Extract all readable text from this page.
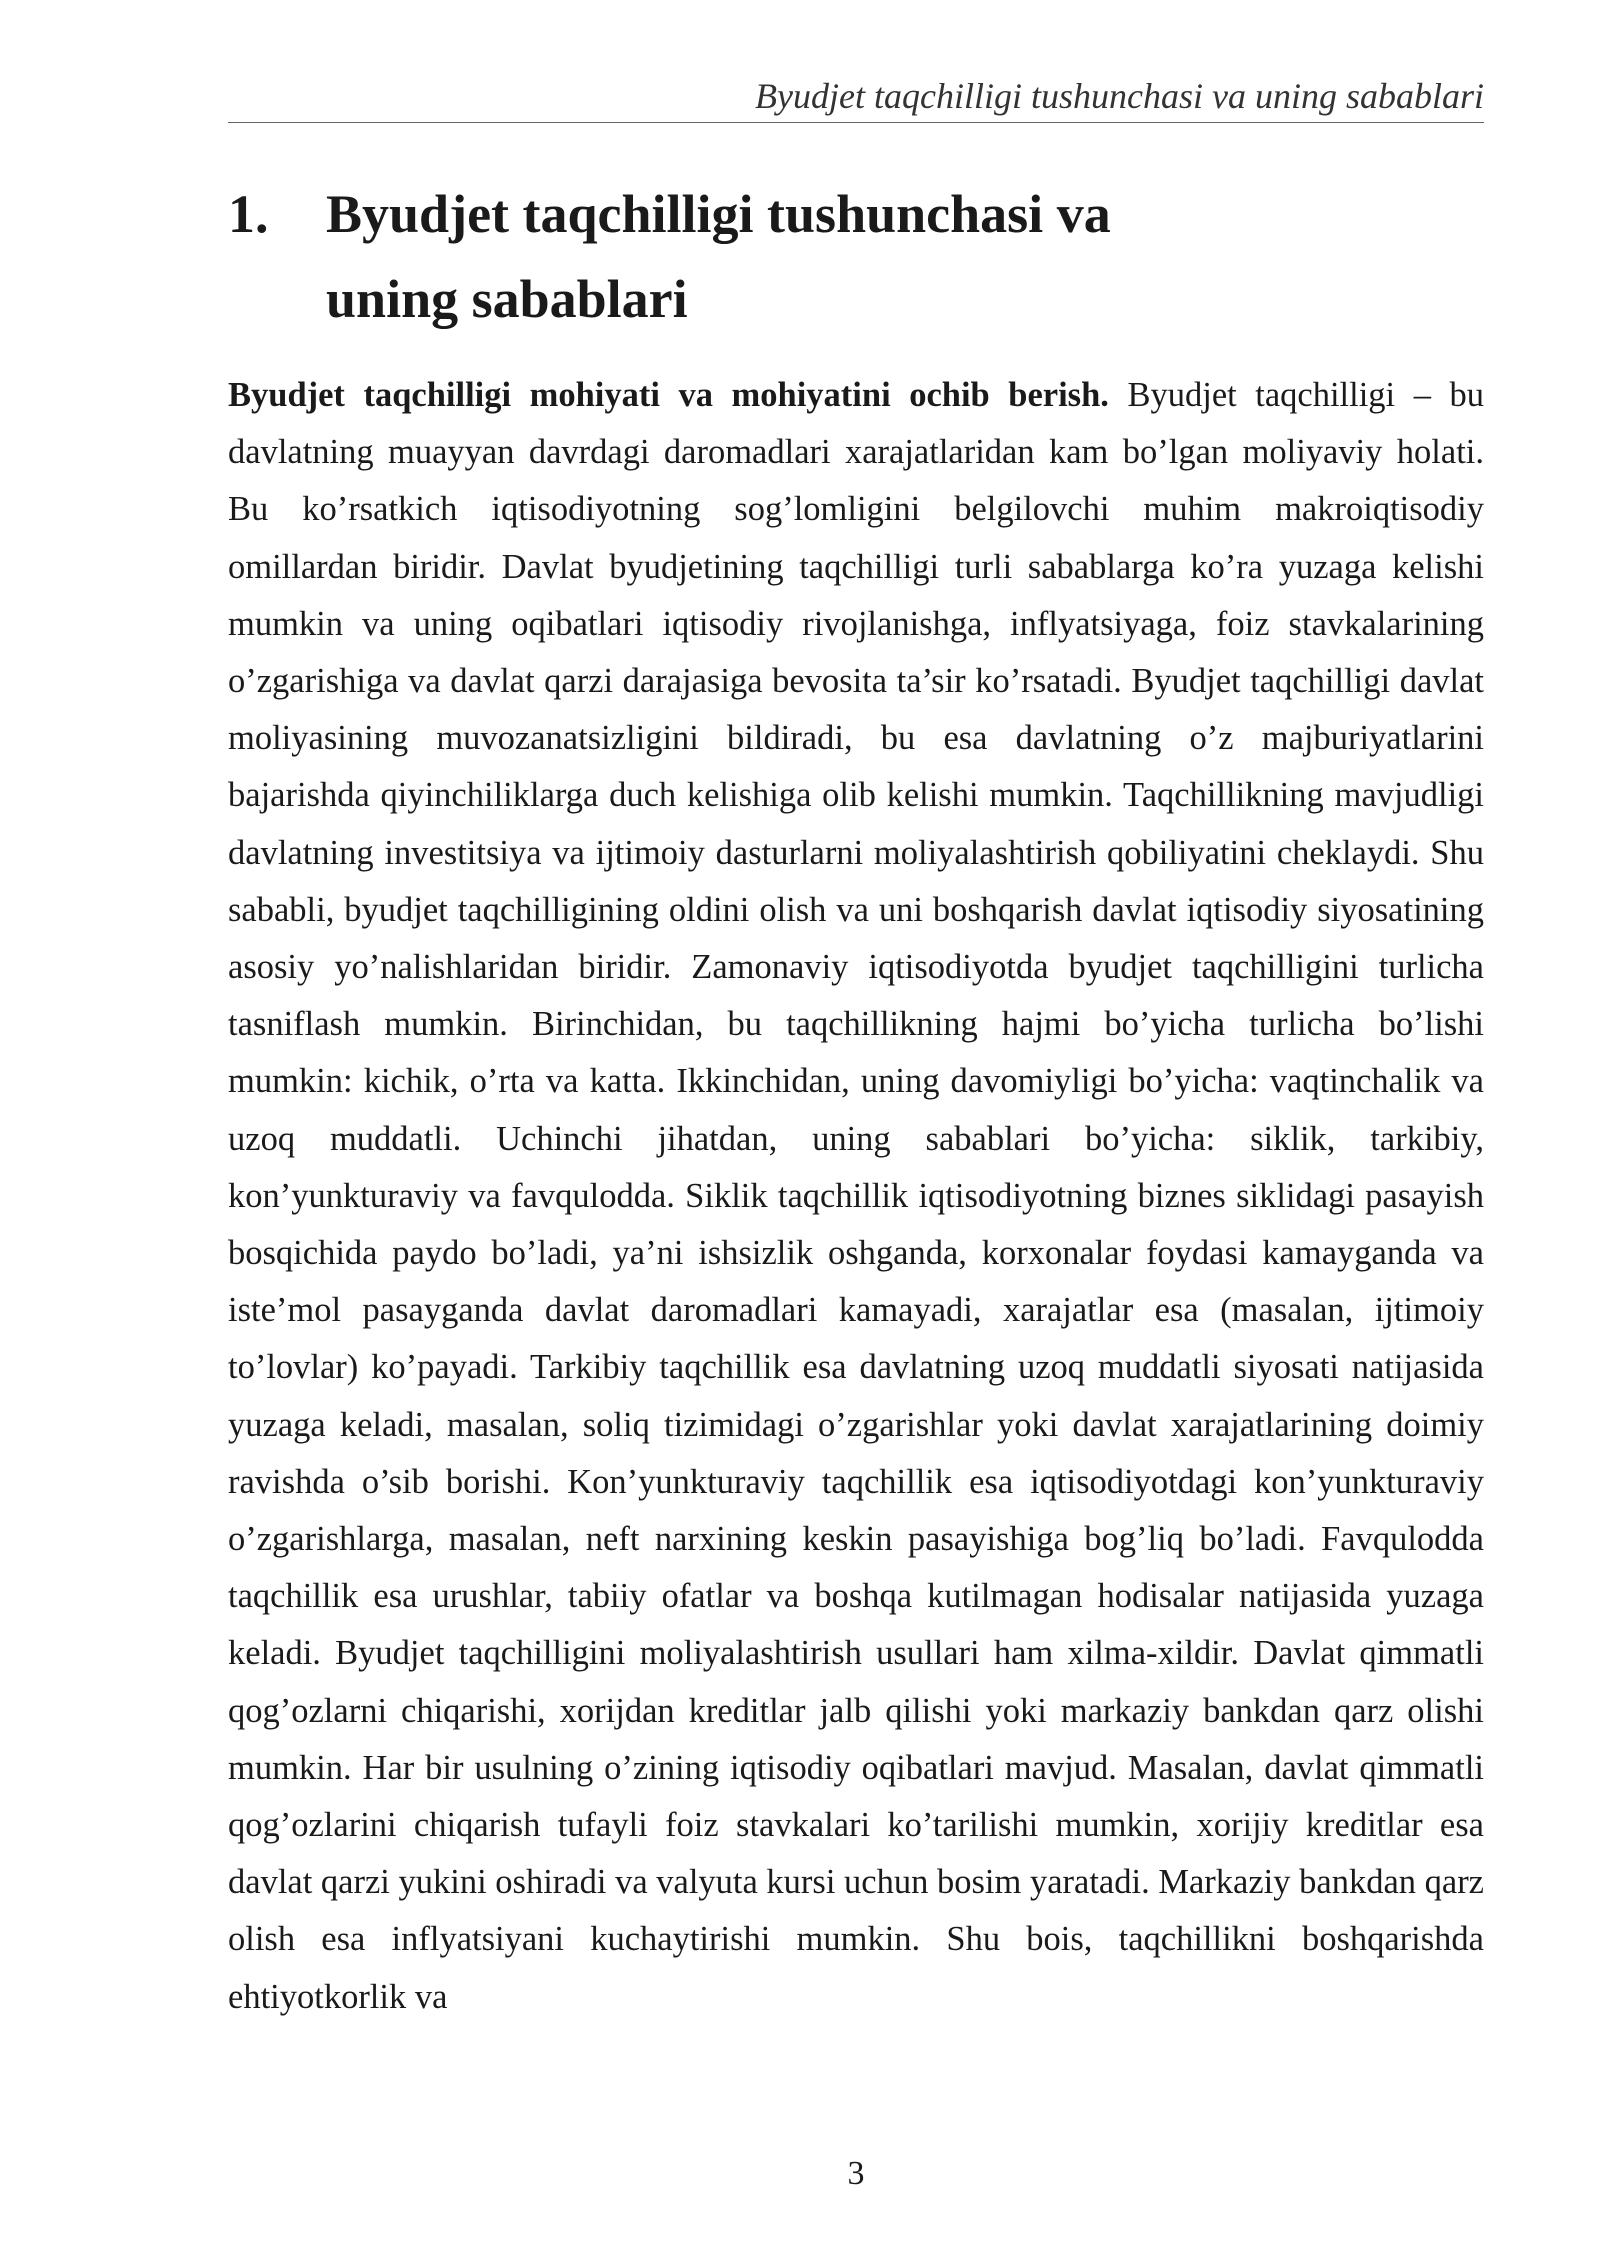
Byudjet taqchilligi tushunchasi va uning sabablari
1. Byudjet taqchilligi tushunchasi va uning sabablari

Byudjet taqchilligi mohiyati va mohiyatini ochib berish. Byudjet taqchilligi – bu davlatning muayyan davrdagi daromadlari xarajatlaridan kam bo’lgan moliyaviy holati. Bu ko’rsatkich iqtisodiyotning sog’lomligini belgilovchi muhim makroiqtisodiy omillardan biridir. Davlat byudjetining taqchilligi turli sabablarga ko’ra yuzaga kelishi mumkin va uning oqibatlari iqtisodiy rivojlanishga, inflyatsiyaga, foiz stavkalarining o’zgarishiga va davlat qarzi darajasiga bevosita ta’sir ko’rsatadi. Byudjet taqchilligi davlat moliyasining muvozanatsizligini bildiradi, bu esa davlatning o’z majburiyatlarini bajarishda qiyinchiliklarga duch kelishiga olib kelishi mumkin. Taqchillikning mavjudligi davlatning investitsiya va ijtimoiy dasturlarni moliyalashtirish qobiliyatini cheklaydi. Shu sababli, byudjet taqchilligining oldini olish va uni boshqarish davlat iqtisodiy siyosatining asosiy yo’nalishlaridan biridir. Zamonaviy iqtisodiyotda byudjet taqchilligini turlicha tasniflash mumkin. Birinchidan, bu taqchillikning hajmi bo’yicha turlicha bo’lishi mumkin: kichik, o’rta va katta. Ikkinchidan, uning davomiyligi bo’yicha: vaqtinchalik va uzoq muddatli. Uchinchi jihatdan, uning sabablari bo’yicha: siklik, tarkibiy, kon’yunkturaviy va favqulodda. Siklik taqchillik iqtisodiyotning biznes siklidagi pasayish bosqichida paydo bo’ladi, ya’ni ishsizlik oshganda, korxonalar foydasi kamayganda va iste’mol pasayganda davlat daromadlari kamayadi, xarajatlar esa (masalan, ijtimoiy to’lovlar) ko’payadi. Tarkibiy taqchillik esa davlatning uzoq muddatli siyosati natijasida yuzaga keladi, masalan, soliq tizimidagi o’zgarishlar yoki davlat xarajatlarining doimiy ravishda o’sib borishi. Kon’yunkturaviy taqchillik esa iqtisodiyotdagi kon’yunkturaviy o’zgarishlarga, masalan, neft narxining keskin pasayishiga bog’liq bo’ladi. Favqulodda taqchillik esa urushlar, tabiiy ofatlar va boshqa kutilmagan hodisalar natijasida yuzaga keladi. Byudjet taqchilligini moliyalashtirish usullari ham xilma-xildir. Davlat qimmatli qog’ozlarni chiqarishi, xorijdan kreditlar jalb qilishi yoki markaziy bankdan qarz olishi mumkin. Har bir usulning o’zining iqtisodiy oqibatlari mavjud. Masalan, davlat qimmatli qog’ozlarini chiqarish tufayli foiz stavkalari ko’tarilishi mumkin, xorijiy kreditlar esa davlat qarzi yukini oshiradi va valyuta kursi uchun bosim yaratadi. Markaziy bankdan qarz olish esa inflyatsiyani kuchaytirishi mumkin. Shu bois, taqchillikni boshqarishda ehtiyotkorlik va

3
